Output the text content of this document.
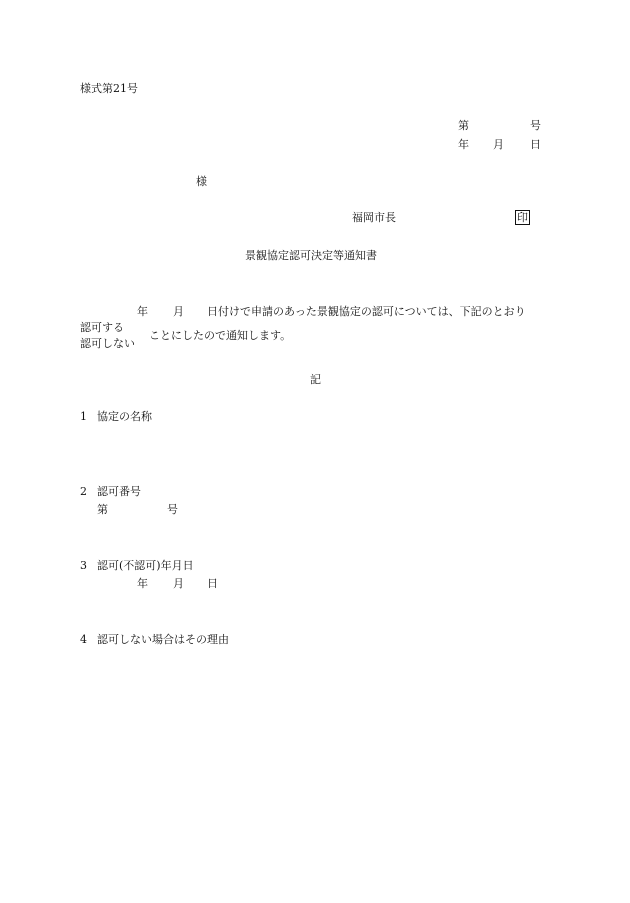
様式第21号
第	号
年 月 日
様
福岡市長	印
景観協定認可決定等通知書
年 月 日付けで申請のあった景観協定の認可については、下記のとおり
認可する
ことにしたので通知します。
認可しない
記
1 協定の名称
2 認可番号
第	号
3 認可(不認可)年月日
年 月 日
4 認可しない場合はその理由
